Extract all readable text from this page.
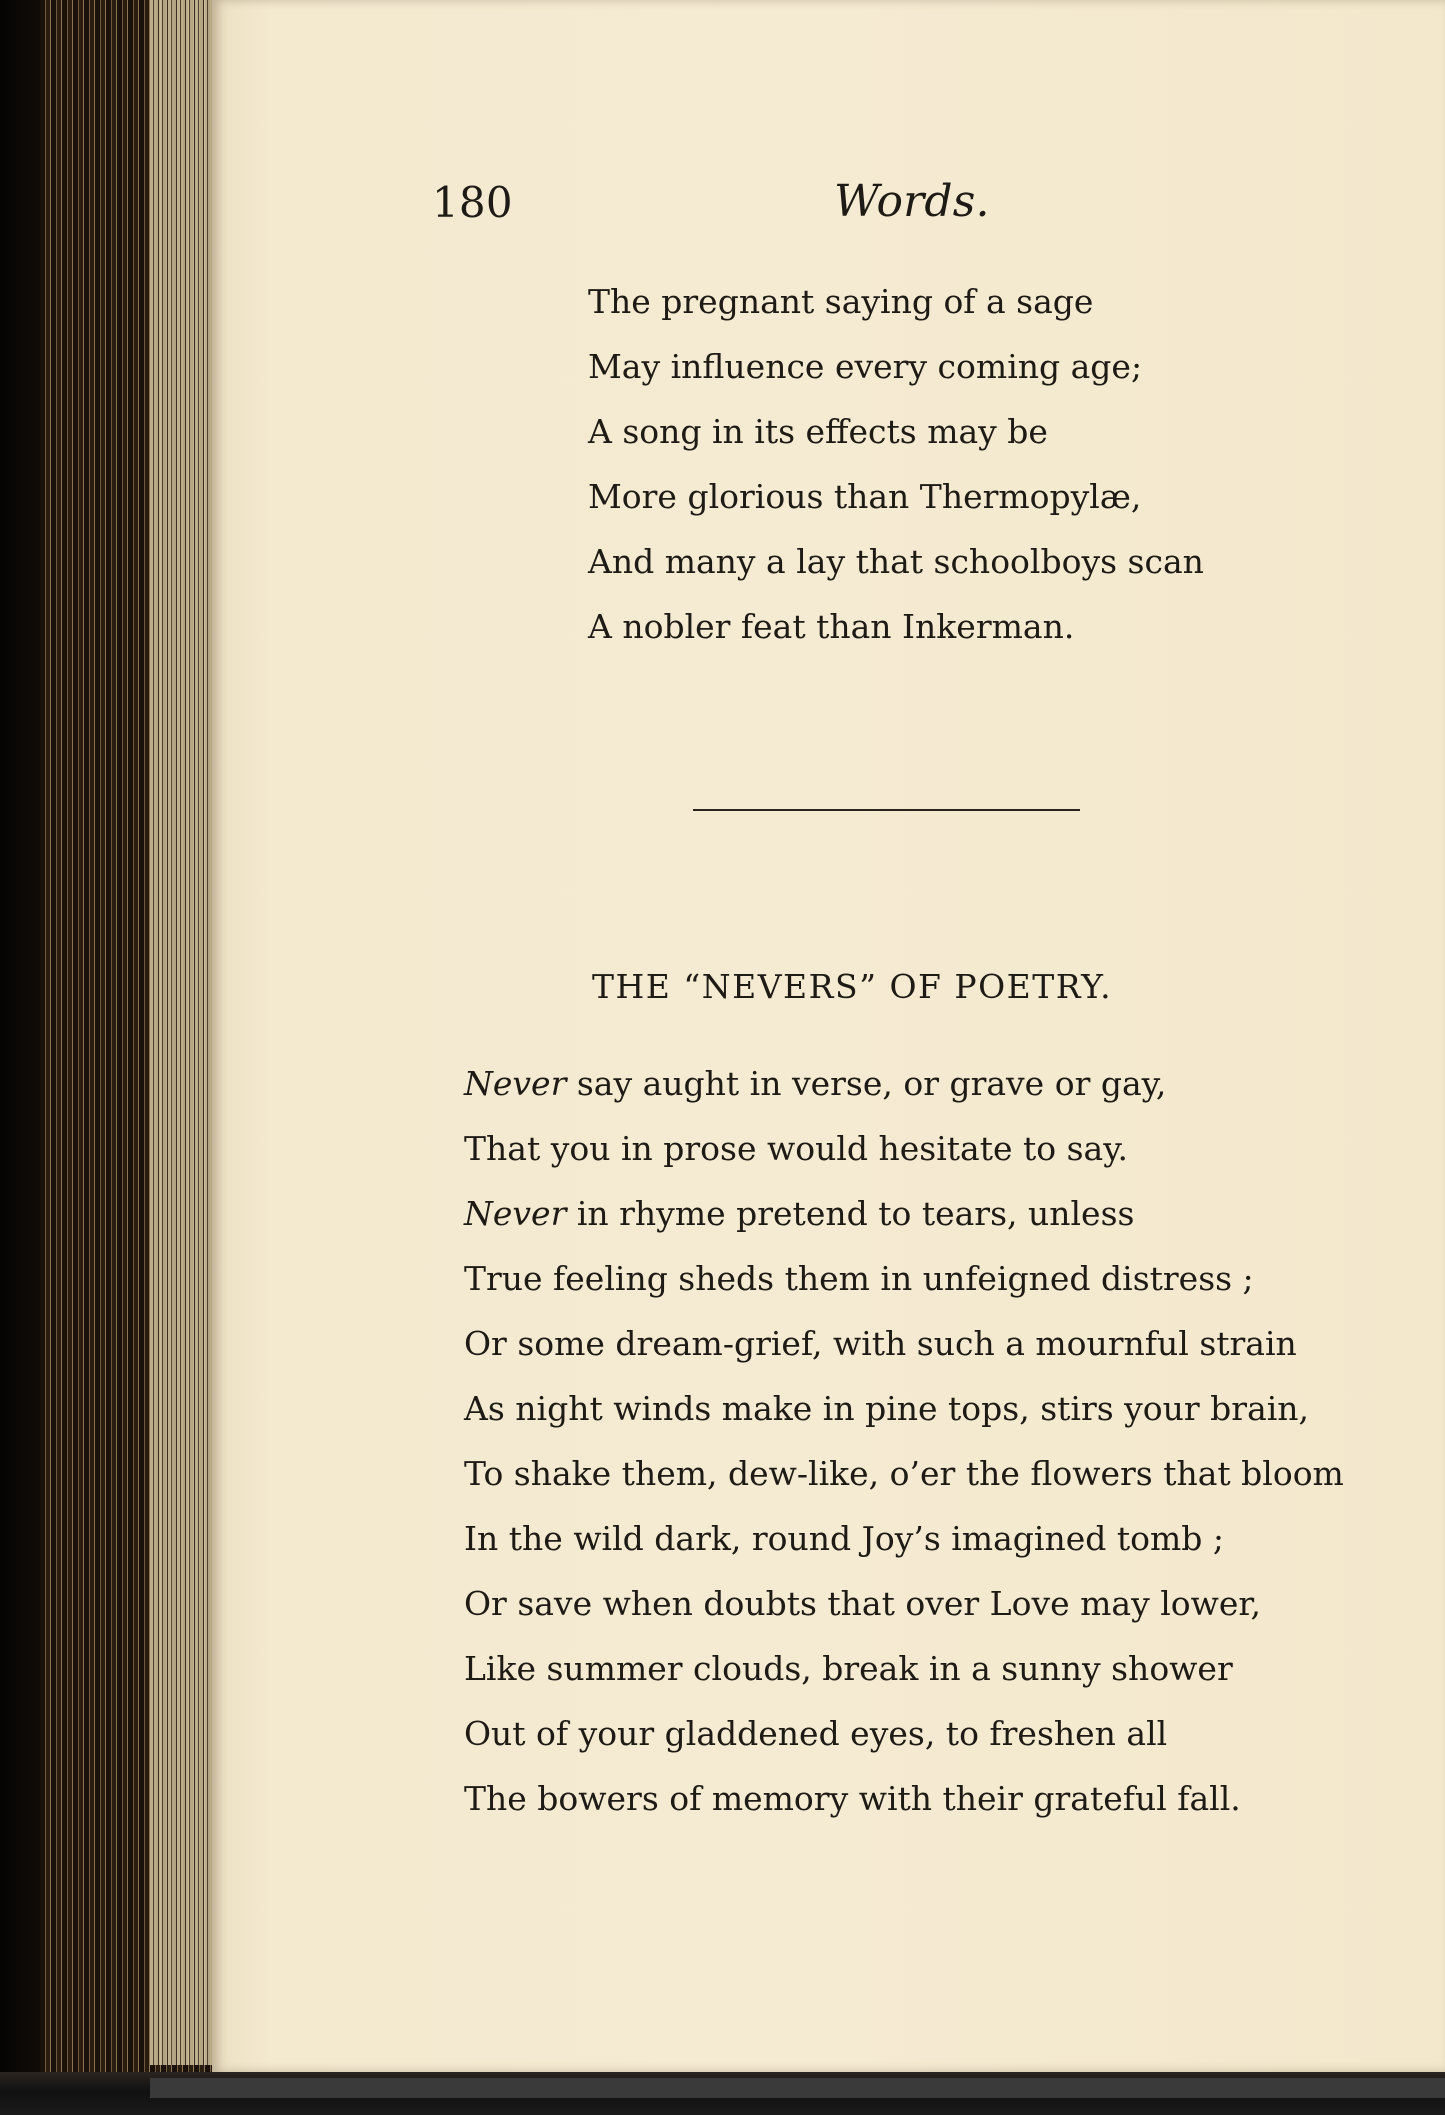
180	Words.
The pregnant saying of a sage
May influence every coming age;
A song in its effects may be
More glorious than Thermopylæ,
And many a lay that schoolboys scan
A nobler feat than Inkerman.
THE “NEVERS” OF POETRY.
Never say aught in verse, or grave or gay,
That you in prose would hesitate to say.
Never in rhyme pretend to tears, unless
True feeling sheds them in unfeigned distress ;
Or some dream-grief, with such a mournful strain
As night winds make in pine tops, stirs your brain,
To shake them, dew-like, o’er the flowers that bloom
In the wild dark, round Joy’s imagined tomb ;
Or save when doubts that over Love may lower,
Like summer clouds, break in a sunny shower
Out of your gladdened eyes, to freshen all
The bowers of memory with their grateful fall.
